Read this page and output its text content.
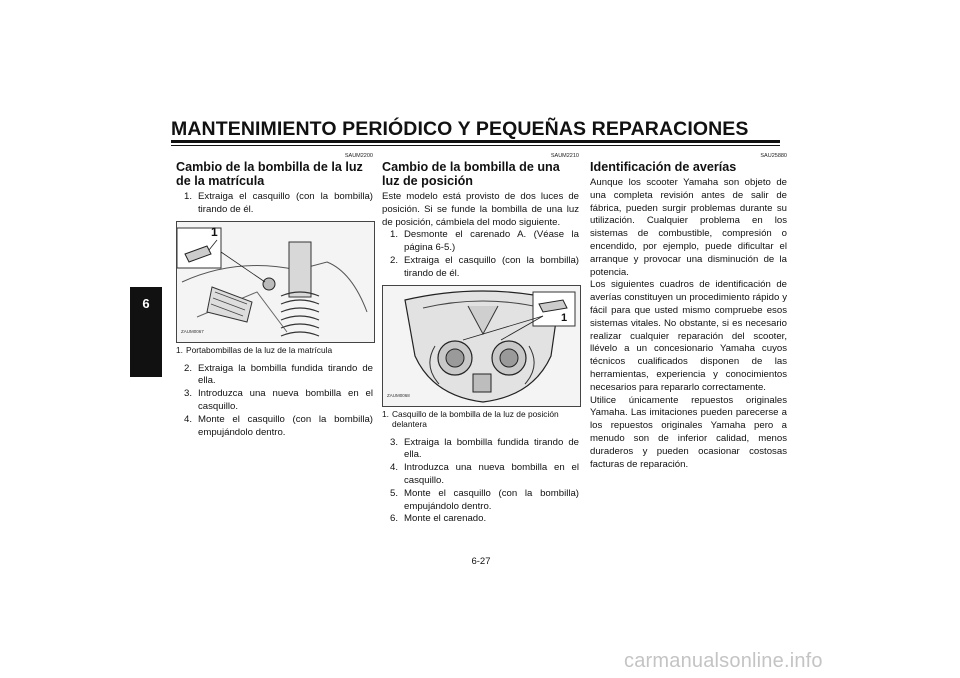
MANTENIMIENTO PERIÓDICO Y PEQUEÑAS REPARACIONES
6
SAUM2200
Cambio de la bombilla de la luz de la matrícula
1. Extraiga el casquillo (con la bombilla) tirando de él.
1
ZAUM0067
1. Portabombillas de la luz de la matrícula
2. Extraiga la bombilla fundida tirando de ella.
3. Introduzca una nueva bombilla en el casquillo.
4. Monte el casquillo (con la bombilla) empujándolo dentro.
SAUM2210
Cambio de la bombilla de una luz de posición

Este modelo está provisto de dos luces de posición. Si se funde la bombilla de una luz de posición, cámbiela del modo siguiente.

1. Desmonte el carenado A. (Véase la página 6-5.)
2. Extraiga el casquillo (con la bombilla) tirando de él.
1
ZAUM0068
1. Casquillo de la bombilla de la luz de posición delantera
3. Extraiga la bombilla fundida tirando de ella.
4. Introduzca una nueva bombilla en el casquillo.
5. Monte el casquillo (con la bombilla) empujándolo dentro.
6. Monte el carenado.
SAU25880
Identificación de averías

Aunque los scooter Yamaha son objeto de una completa revisión antes de salir de fábrica, pueden surgir problemas durante su utilización. Cualquier problema en los sistemas de combustible, compresión o encendido, por ejemplo, puede dificultar el arranque y provocar una disminución de la potencia.

Los siguientes cuadros de identificación de averías constituyen un procedimiento rápido y fácil para que usted mismo compruebe esos sistemas vitales. No obstante, si es necesario realizar cualquier reparación del scooter, llévelo a un concesionario Yamaha cuyos técnicos cualificados disponen de las herramientas, experiencia y conocimientos necesarios para repararlo correctamente.

Utilice únicamente repuestos originales Yamaha. Las imitaciones pueden parecerse a los repuestos originales Yamaha pero a menudo son de inferior calidad, menos duraderos y pueden ocasionar costosas facturas de reparación.

6-27
carmanualsonline.info
